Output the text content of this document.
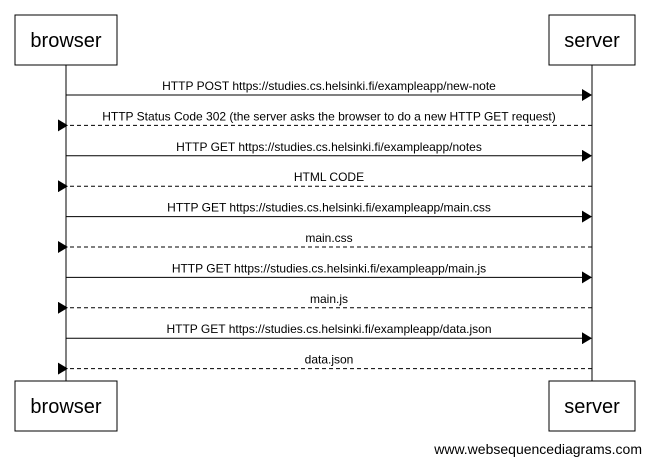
HTTP POST https://studies.cs.helsinki.fi/exampleapp/new-note
HTTP Status Code 302 (the server asks the browser to do a new HTTP GET request)
HTTP GET https://studies.cs.helsinki.fi/exampleapp/notes
HTML CODE
HTTP GET https://studies.cs.helsinki.fi/exampleapp/main.css
main.css
HTTP GET https://studies.cs.helsinki.fi/exampleapp/main.js
main.js
HTTP GET https://studies.cs.helsinki.fi/exampleapp/data.json
data.json
browser	server
browser	server
www.websequencediagrams.com
